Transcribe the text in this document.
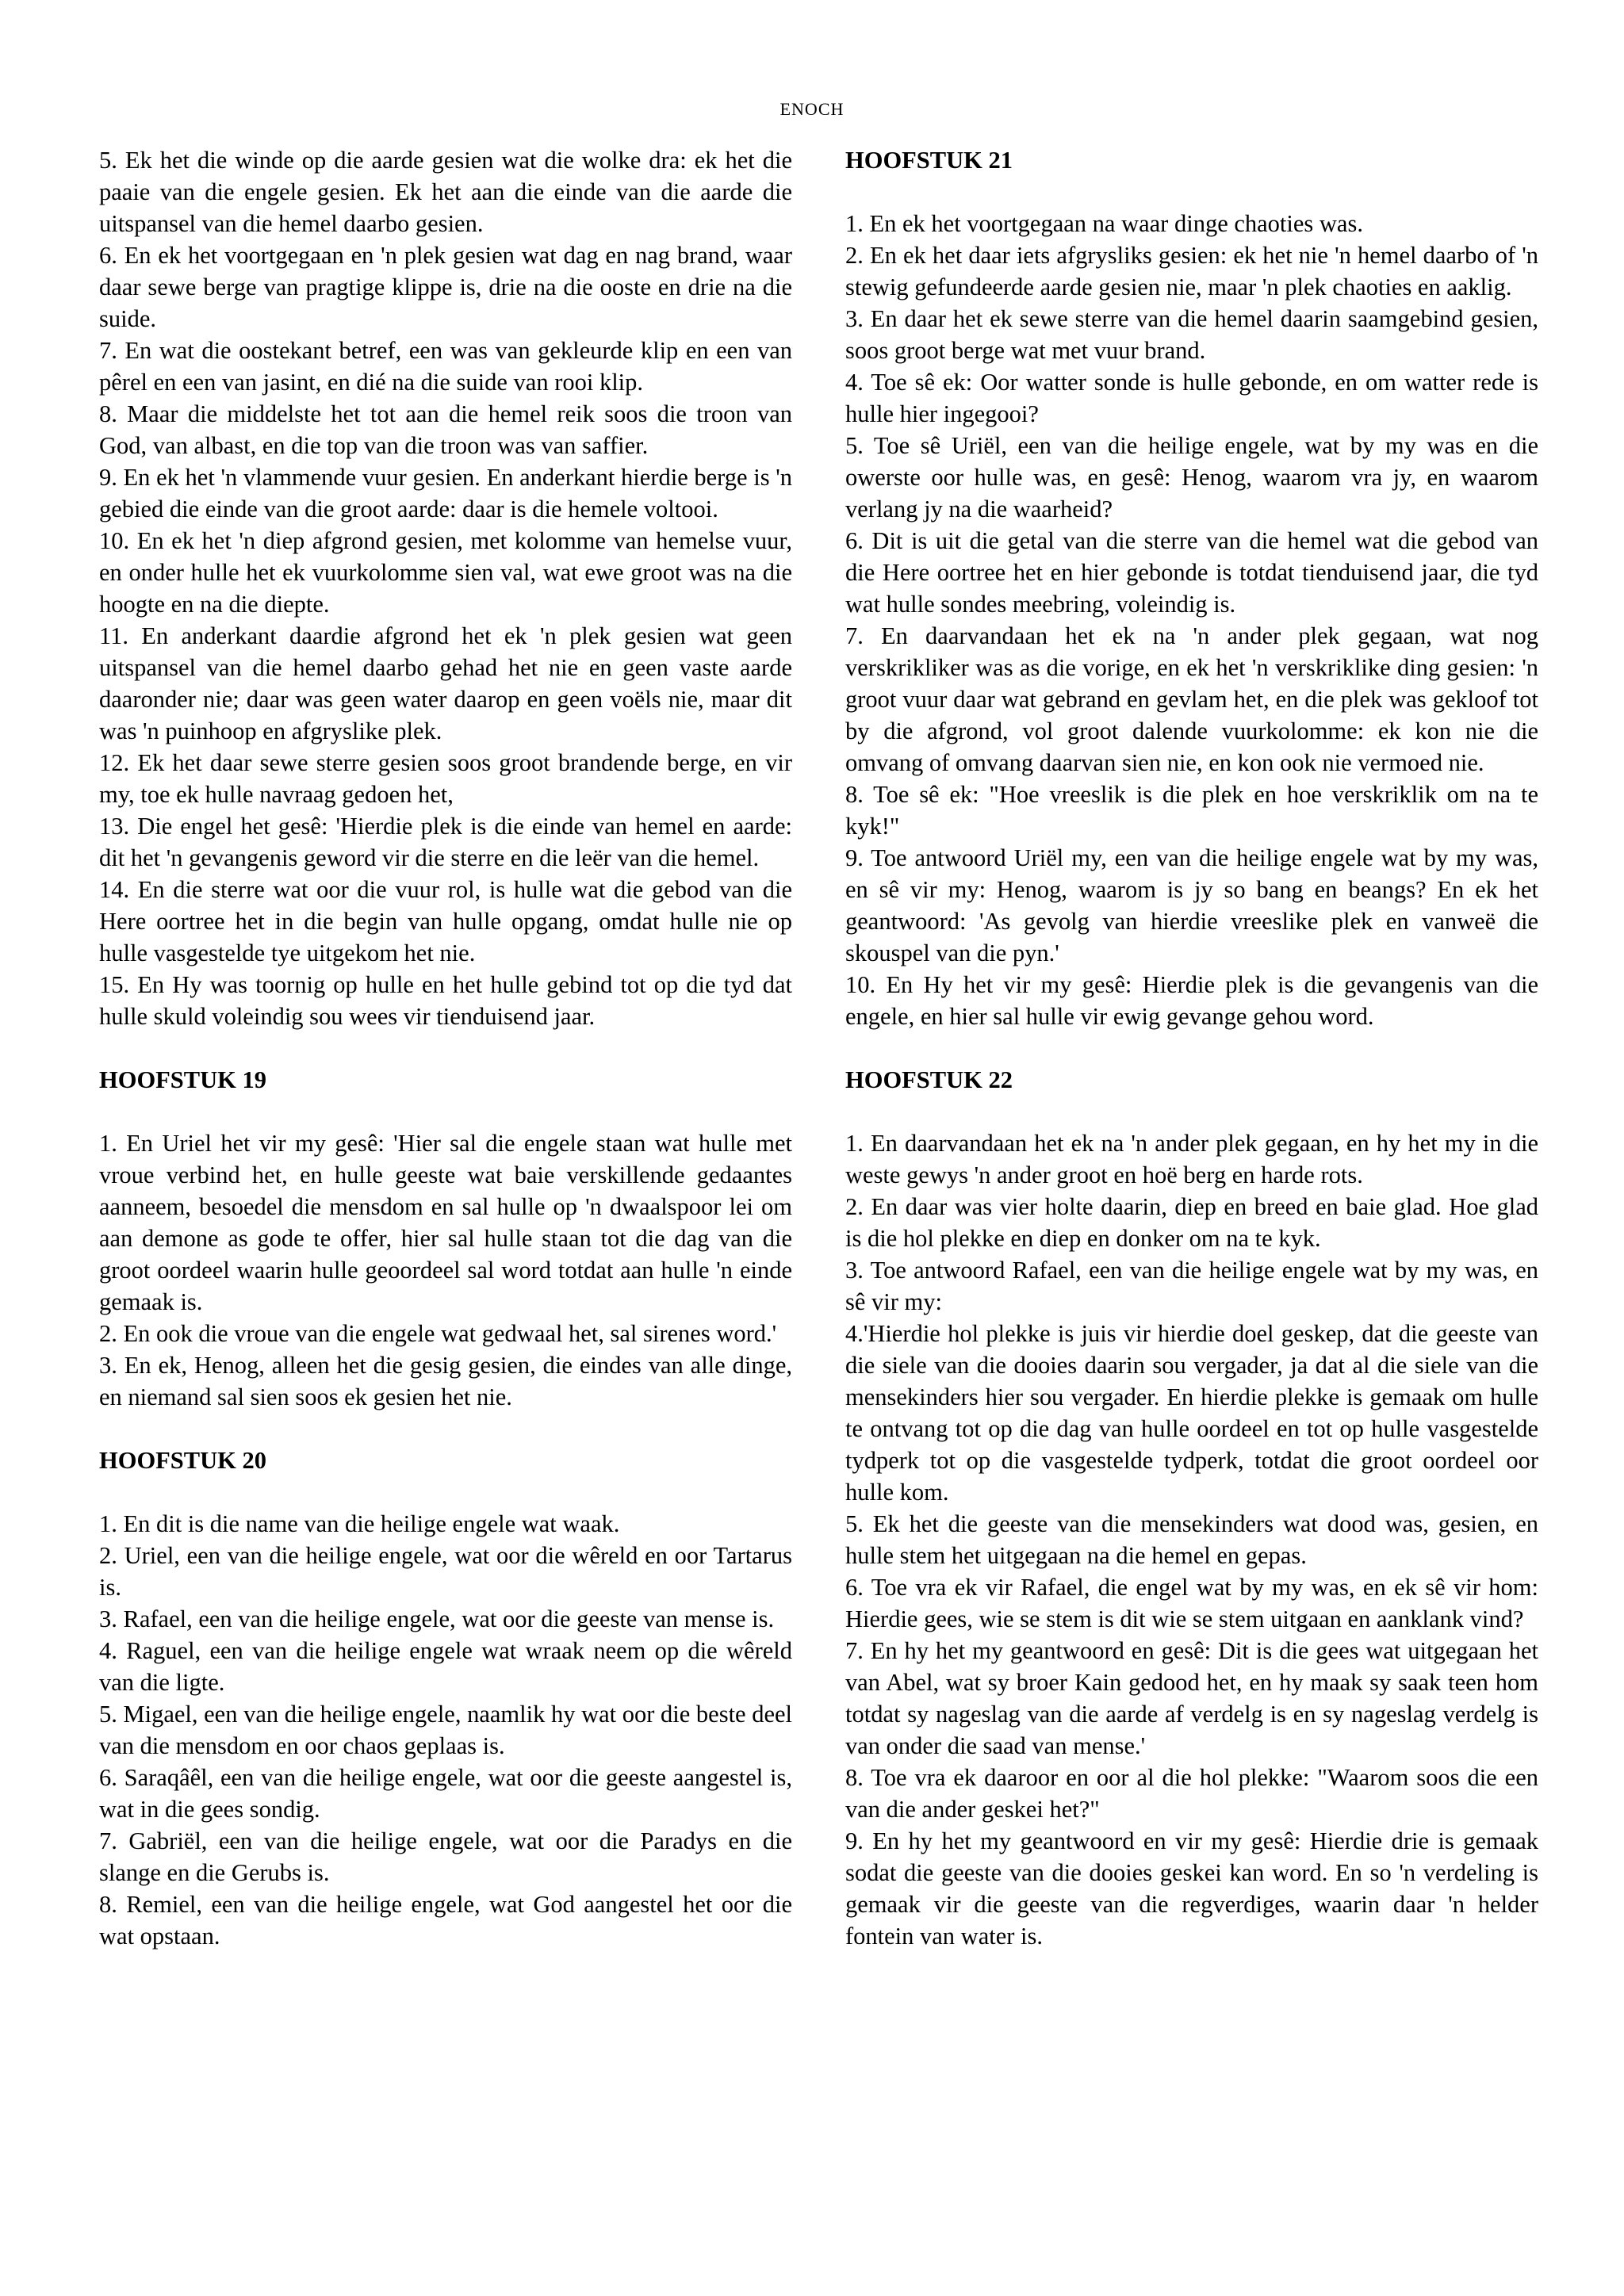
ENOCH

5. Ek het die winde op die aarde gesien wat die wolke dra: ek het die paaie van die engele gesien. Ek het aan die einde van die aarde die uitspansel van die hemel daarbo gesien.

6. En ek het voortgegaan en 'n plek gesien wat dag en nag brand, waar daar sewe berge van pragtige klippe is, drie na die ooste en drie na die suide.

7. En wat die oostekant betref, een was van gekleurde klip en een van pêrel en een van jasint, en dié na die suide van rooi klip.

8. Maar die middelste het tot aan die hemel reik soos die troon van God, van albast, en die top van die troon was van saffier.

9. En ek het 'n vlammende vuur gesien. En anderkant hierdie berge is 'n gebied die einde van die groot aarde: daar is die hemele voltooi.

10. En ek het 'n diep afgrond gesien, met kolomme van hemelse vuur, en onder hulle het ek vuurkolomme sien val, wat ewe groot was na die hoogte en na die diepte.

11. En anderkant daardie afgrond het ek 'n plek gesien wat geen uitspansel van die hemel daarbo gehad het nie en geen vaste aarde daaronder nie; daar was geen water daarop en geen voëls nie, maar dit was 'n puinhoop en afgryslike plek.

12. Ek het daar sewe sterre gesien soos groot brandende berge, en vir my, toe ek hulle navraag gedoen het,

13. Die engel het gesê: 'Hierdie plek is die einde van hemel en aarde: dit het 'n gevangenis geword vir die sterre en die leër van die hemel.

14. En die sterre wat oor die vuur rol, is hulle wat die gebod van die Here oortree het in die begin van hulle opgang, omdat hulle nie op hulle vasgestelde tye uitgekom het nie.

15. En Hy was toornig op hulle en het hulle gebind tot op die tyd dat hulle skuld voleindig sou wees vir tienduisend jaar.

HOOFSTUK 19

1. En Uriel het vir my gesê: 'Hier sal die engele staan wat hulle met vroue verbind het, en hulle geeste wat baie verskillende gedaantes aanneem, besoedel die mensdom en sal hulle op 'n dwaalspoor lei om aan demone as gode te offer, hier sal hulle staan tot die dag van die groot oordeel waarin hulle geoordeel sal word totdat aan hulle 'n einde gemaak is.

2. En ook die vroue van die engele wat gedwaal het, sal sirenes word.'

3. En ek, Henog, alleen het die gesig gesien, die eindes van alle dinge, en niemand sal sien soos ek gesien het nie.

HOOFSTUK 20

1. En dit is die name van die heilige engele wat waak.

2. Uriel, een van die heilige engele, wat oor die wêreld en oor Tartarus is.

3. Rafael, een van die heilige engele, wat oor die geeste van mense is.

4. Raguel, een van die heilige engele wat wraak neem op die wêreld van die ligte.

5. Migael, een van die heilige engele, naamlik hy wat oor die beste deel van die mensdom en oor chaos geplaas is.

6. Saraqâêl, een van die heilige engele, wat oor die geeste aangestel is, wat in die gees sondig.

7. Gabriël, een van die heilige engele, wat oor die Paradys en die slange en die Gerubs is.

8. Remiel, een van die heilige engele, wat God aangestel het oor die wat opstaan.

HOOFSTUK 21

1. En ek het voortgegaan na waar dinge chaoties was.

2. En ek het daar iets afgrysliks gesien: ek het nie 'n hemel daarbo of 'n stewig gefundeerde aarde gesien nie, maar 'n plek chaoties en aaklig.

3. En daar het ek sewe sterre van die hemel daarin saamgebind gesien, soos groot berge wat met vuur brand.

4. Toe sê ek: Oor watter sonde is hulle gebonde, en om watter rede is hulle hier ingegooi?

5. Toe sê Uriël, een van die heilige engele, wat by my was en die owerste oor hulle was, en gesê: Henog, waarom vra jy, en waarom verlang jy na die waarheid?

6. Dit is uit die getal van die sterre van die hemel wat die gebod van die Here oortree het en hier gebonde is totdat tienduisend jaar, die tyd wat hulle sondes meebring, voleindig is.

7. En daarvandaan het ek na 'n ander plek gegaan, wat nog verskrikliker was as die vorige, en ek het 'n verskriklike ding gesien: 'n groot vuur daar wat gebrand en gevlam het, en die plek was gekloof tot by die afgrond, vol groot dalende vuurkolomme: ek kon nie die omvang of omvang daarvan sien nie, en kon ook nie vermoed nie.

8. Toe sê ek: "Hoe vreeslik is die plek en hoe verskriklik om na te kyk!"

9. Toe antwoord Uriël my, een van die heilige engele wat by my was, en sê vir my: Henog, waarom is jy so bang en beangs? En ek het geantwoord: 'As gevolg van hierdie vreeslike plek en vanweë die skouspel van die pyn.'

10. En Hy het vir my gesê: Hierdie plek is die gevangenis van die engele, en hier sal hulle vir ewig gevange gehou word.

HOOFSTUK 22

1. En daarvandaan het ek na 'n ander plek gegaan, en hy het my in die weste gewys 'n ander groot en hoë berg en harde rots.

2. En daar was vier holte daarin, diep en breed en baie glad. Hoe glad is die hol plekke en diep en donker om na te kyk.

3. Toe antwoord Rafael, een van die heilige engele wat by my was, en sê vir my:

4.'Hierdie hol plekke is juis vir hierdie doel geskep, dat die geeste van die siele van die dooies daarin sou vergader, ja dat al die siele van die mensekinders hier sou vergader. En hierdie plekke is gemaak om hulle te ontvang tot op die dag van hulle oordeel en tot op hulle vasgestelde tydperk tot op die vasgestelde tydperk, totdat die groot oordeel oor hulle kom.

5. Ek het die geeste van die mensekinders wat dood was, gesien, en hulle stem het uitgegaan na die hemel en gepas.

6. Toe vra ek vir Rafael, die engel wat by my was, en ek sê vir hom: Hierdie gees, wie se stem is dit wie se stem uitgaan en aanklank vind?

7. En hy het my geantwoord en gesê: Dit is die gees wat uitgegaan het van Abel, wat sy broer Kain gedood het, en hy maak sy saak teen hom totdat sy nageslag van die aarde af verdelg is en sy nageslag verdelg is van onder die saad van mense.'

8. Toe vra ek daaroor en oor al die hol plekke: "Waarom soos die een van die ander geskei het?"

9. En hy het my geantwoord en vir my gesê: Hierdie drie is gemaak sodat die geeste van die dooies geskei kan word. En so 'n verdeling is gemaak vir die geeste van die regverdiges, waarin daar 'n helder fontein van water is.
